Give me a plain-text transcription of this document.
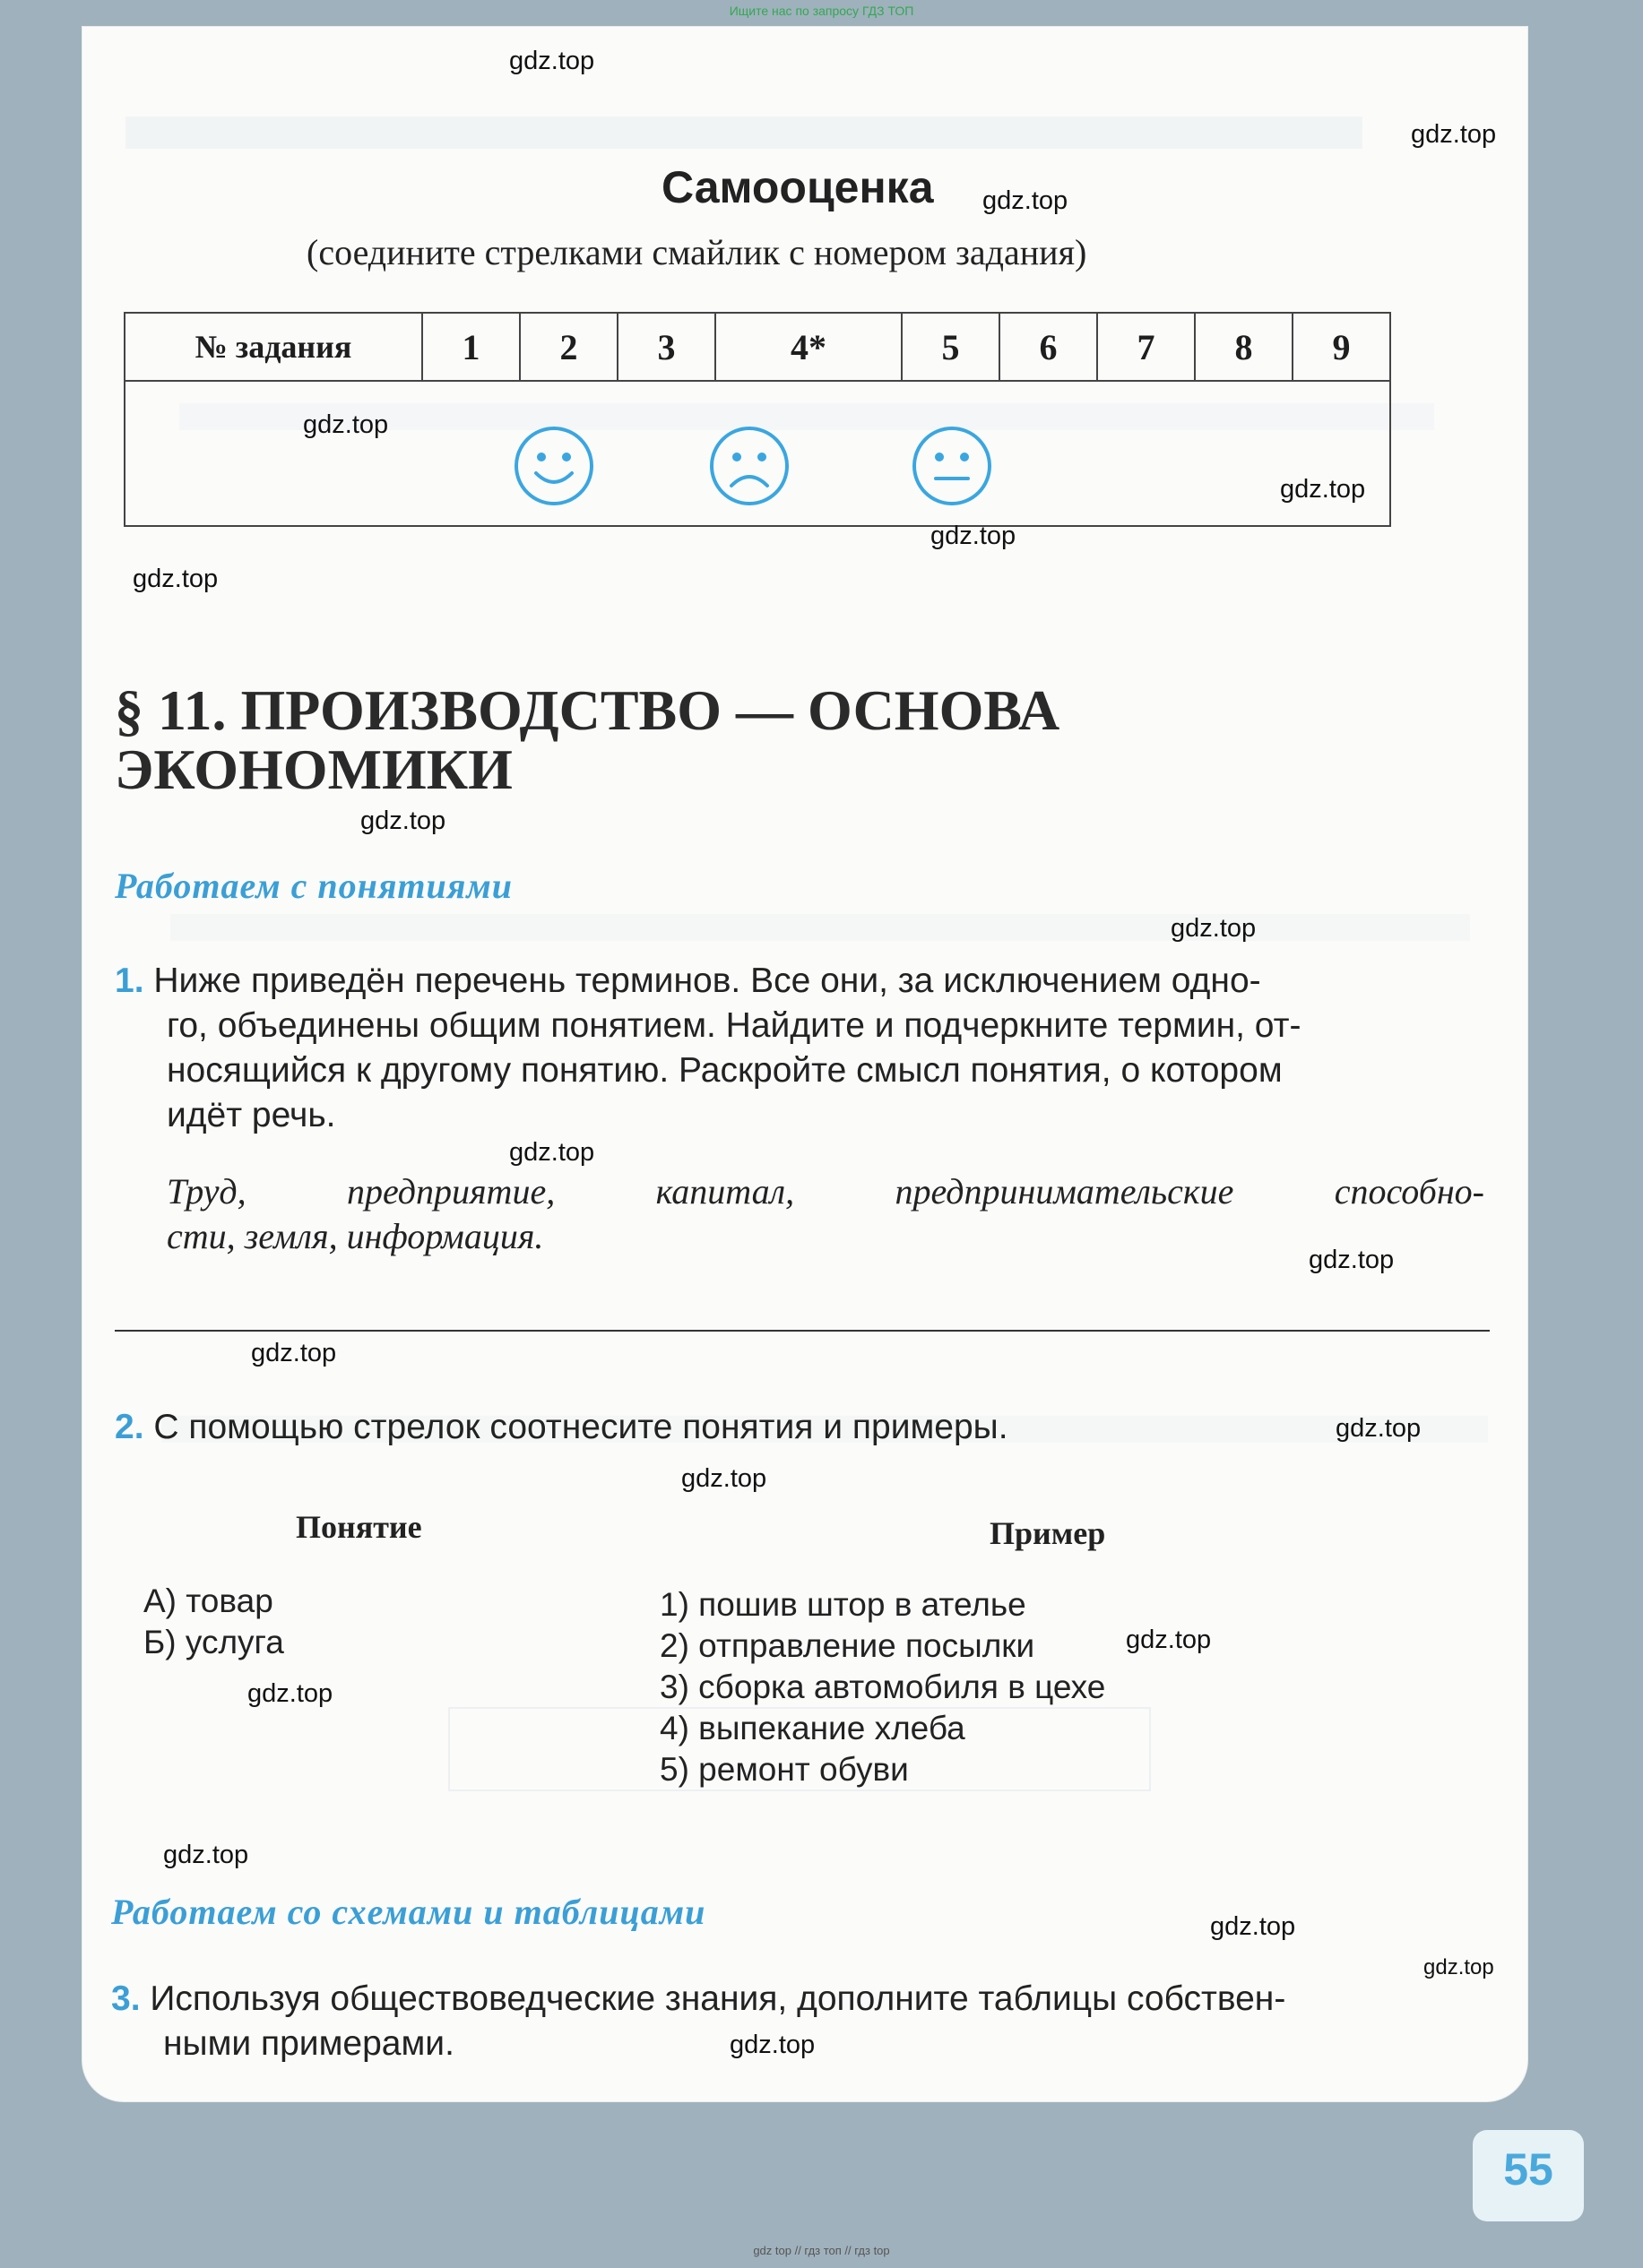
Ищите нас по запросу ГДЗ ТОП
Самооценка
(соедините стрелками смайлик с номером задания)
№ задания	1	2	3	4*	5	6	7	8	9

§ 11. ПРОИЗВОДСТВО — ОСНОВА
ЭКОНОМИКИ
Работаем с понятиями
1. Ниже приведён перечень терминов. Все они, за исключением одно-
го, объединены общим понятием. Найдите и подчеркните термин, от-
носящийся к другому понятию. Раскройте смысл понятия, о котором
идёт речь.
Труд, предприятие, капитал, предпринимательские способно-
сти, земля, информация.
2. С помощью стрелок соотнесите понятия и примеры.
Понятие	Пример
А) товар
Б) услуга
1) пошив штор в ателье
2) отправление посылки
3) сборка автомобиля в цехе
4) выпекание хлеба
5) ремонт обуви
Работаем со схемами и таблицами
3. Используя обществоведческие знания, дополните таблицы собствен-
ными примерами.
55
gdz.top
gdz.top
gdz.top
gdz.top
gdz.top
gdz.top
gdz.top
gdz.top
gdz.top
gdz.top
gdz.top
gdz.top
gdz.top
gdz.top
gdz.top
gdz.top
gdz.top
gdz.top
gdz.top
gdz.top
gdz top // гдз топ // гдз top
